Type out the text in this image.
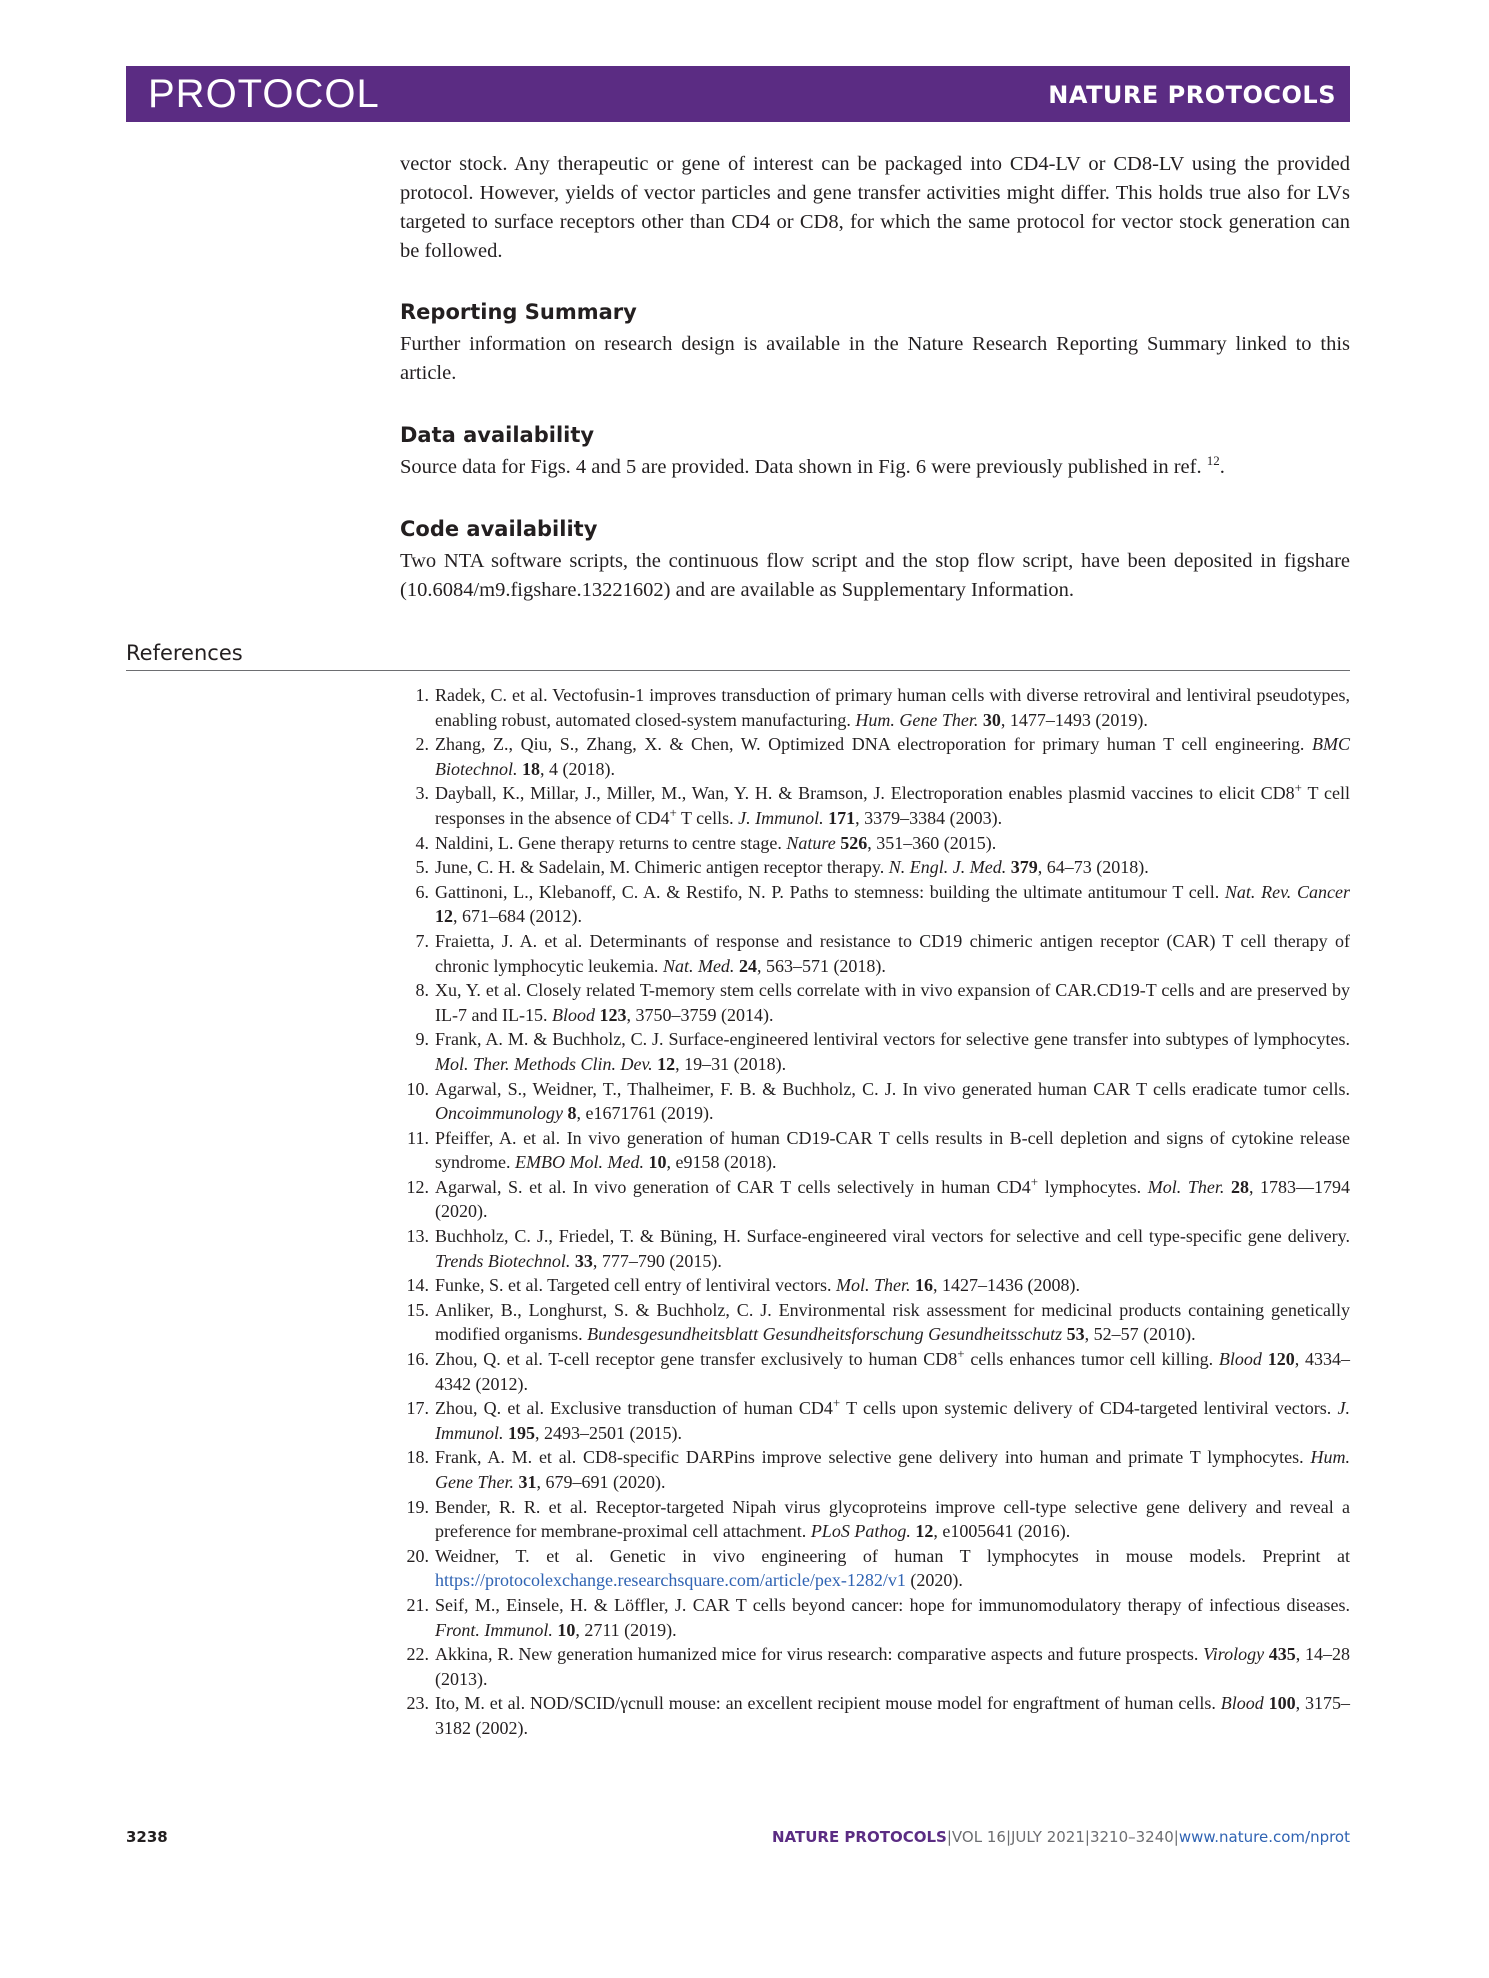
PROTOCOL	NATURE PROTOCOLS

vector stock. Any therapeutic or gene of interest can be packaged into CD4-LV or CD8-LV using the provided protocol. However, yields of vector particles and gene transfer activities might differ. This holds true also for LVs targeted to surface receptors other than CD4 or CD8, for which the same protocol for vector stock generation can be followed.

Reporting Summary

Further information on research design is available in the Nature Research Reporting Summary linked to this article.

Data availability

Source data for Figs. 4 and 5 are provided. Data shown in Fig. 6 were previously published in ref. $^{12}$.

Code availability

Two NTA software scripts, the continuous flow script and the stop flow script, have been deposited in figshare (10.6084/m9.figshare.13221602) and are available as Supplementary Information.

References
1. Radek, C. et al. Vectofusin-1 improves transduction of primary human cells with diverse retroviral and lentiviral pseudotypes, enabling robust, automated closed-system manufacturing. Hum. Gene Ther. 30, 1477–1493 (2019).
2. Zhang, Z., Qiu, S., Zhang, X. & Chen, W. Optimized DNA electroporation for primary human T cell engineering. BMC Biotechnol. 18, 4 (2018).
3. Dayball, K., Millar, J., Miller, M., Wan, Y. H. & Bramson, J. Electroporation enables plasmid vaccines to elicit CD8+ T cell responses in the absence of CD4+ T cells. J. Immunol. 171, 3379–3384 (2003).
4. Naldini, L. Gene therapy returns to centre stage. Nature 526, 351–360 (2015).
5. June, C. H. & Sadelain, M. Chimeric antigen receptor therapy. N. Engl. J. Med. 379, 64–73 (2018).
6. Gattinoni, L., Klebanoff, C. A. & Restifo, N. P. Paths to stemness: building the ultimate antitumour T cell. Nat. Rev. Cancer 12, 671–684 (2012).
7. Fraietta, J. A. et al. Determinants of response and resistance to CD19 chimeric antigen receptor (CAR) T cell therapy of chronic lymphocytic leukemia. Nat. Med. 24, 563–571 (2018).
8. Xu, Y. et al. Closely related T-memory stem cells correlate with in vivo expansion of CAR.CD19-T cells and are preserved by IL-7 and IL-15. Blood 123, 3750–3759 (2014).
9. Frank, A. M. & Buchholz, C. J. Surface-engineered lentiviral vectors for selective gene transfer into subtypes of lymphocytes. Mol. Ther. Methods Clin. Dev. 12, 19–31 (2018).
10. Agarwal, S., Weidner, T., Thalheimer, F. B. & Buchholz, C. J. In vivo generated human CAR T cells eradicate tumor cells. Oncoimmunology 8, e1671761 (2019).
11. Pfeiffer, A. et al. In vivo generation of human CD19-CAR T cells results in B-cell depletion and signs of cytokine release syndrome. EMBO Mol. Med. 10, e9158 (2018).
12. Agarwal, S. et al. In vivo generation of CAR T cells selectively in human CD4+ lymphocytes. Mol. Ther. 28, 1783––1794 (2020).
13. Buchholz, C. J., Friedel, T. & Büning, H. Surface-engineered viral vectors for selective and cell type-specific gene delivery. Trends Biotechnol. 33, 777–790 (2015).
14. Funke, S. et al. Targeted cell entry of lentiviral vectors. Mol. Ther. 16, 1427–1436 (2008).
15. Anliker, B., Longhurst, S. & Buchholz, C. J. Environmental risk assessment for medicinal products containing genetically modified organisms. Bundesgesundheitsblatt Gesundheitsforschung Gesundheitsschutz 53, 52–57 (2010).
16. Zhou, Q. et al. T-cell receptor gene transfer exclusively to human CD8+ cells enhances tumor cell killing. Blood 120, 4334–4342 (2012).
17. Zhou, Q. et al. Exclusive transduction of human CD4+ T cells upon systemic delivery of CD4-targeted lentiviral vectors. J. Immunol. 195, 2493–2501 (2015).
18. Frank, A. M. et al. CD8-specific DARPins improve selective gene delivery into human and primate T lymphocytes. Hum. Gene Ther. 31, 679–691 (2020).
19. Bender, R. R. et al. Receptor-targeted Nipah virus glycoproteins improve cell-type selective gene delivery and reveal a preference for membrane-proximal cell attachment. PLoS Pathog. 12, e1005641 (2016).
20. Weidner, T. et al. Genetic in vivo engineering of human T lymphocytes in mouse models. Preprint at https://protocolexchange.researchsquare.com/article/pex-1282/v1 (2020).
21. Seif, M., Einsele, H. & Löffler, J. CAR T cells beyond cancer: hope for immunomodulatory therapy of infectious diseases. Front. Immunol. 10, 2711 (2019).
22. Akkina, R. New generation humanized mice for virus research: comparative aspects and future prospects. Virology 435, 14–28 (2013).
23. Ito, M. et al. NOD/SCID/γcnull mouse: an excellent recipient mouse model for engraftment of human cells. Blood 100, 3175–3182 (2002).
3238	NATURE PROTOCOLS|VOL 16|JULY 2021|3210–3240|www.nature.com/nprot
